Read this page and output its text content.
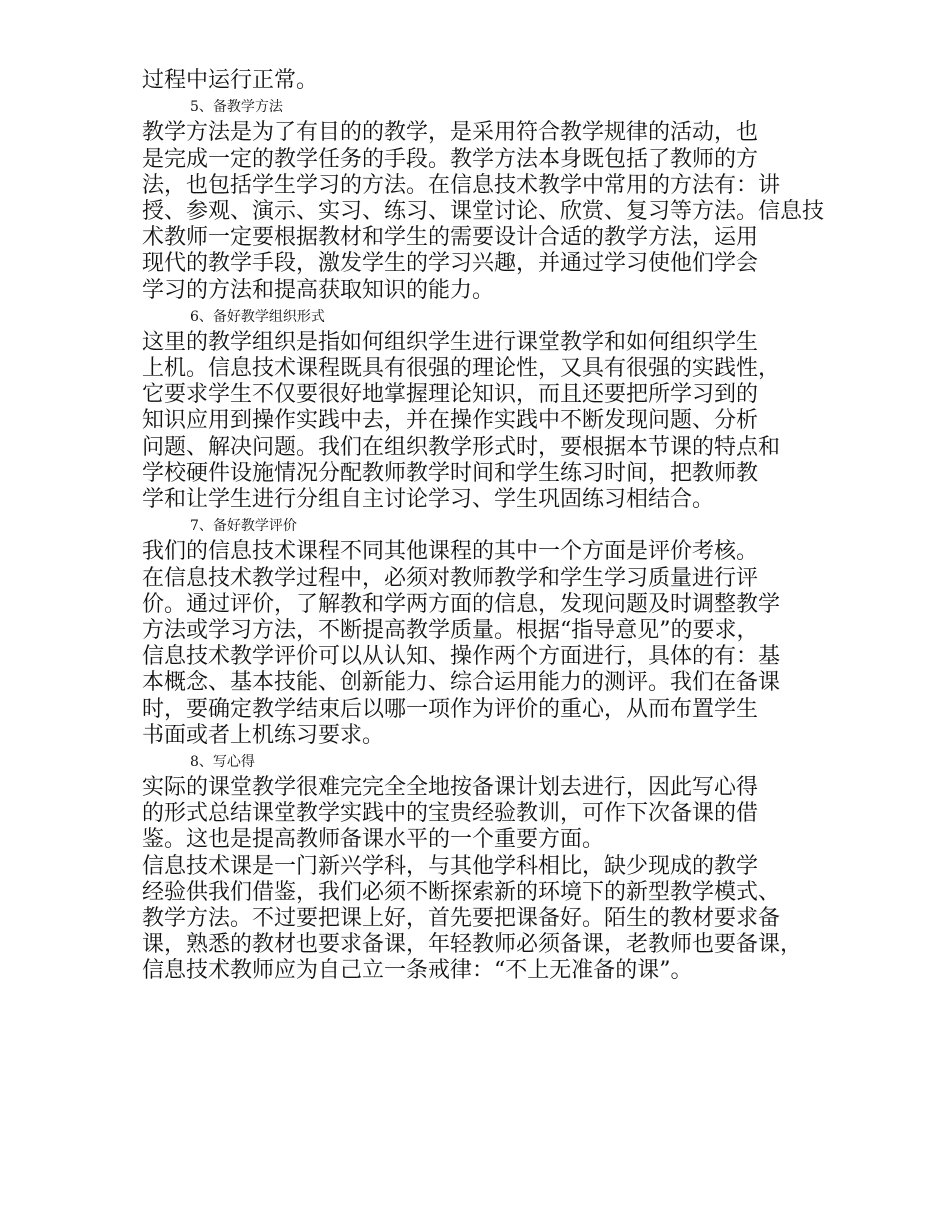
过程中运行正常。
5、备教学方法
教学方法是为了有目的的教学，是采用符合教学规律的活动，也
是完成一定的教学任务的手段。教学方法本身既包括了教师的方
法，也包括学生学习的方法。在信息技术教学中常用的方法有：讲
授、参观、演示、实习、练习、课堂讨论、欣赏、复习等方法。信息技
术教师一定要根据教材和学生的需要设计合适的教学方法，运用
现代的教学手段，激发学生的学习兴趣，并通过学习使他们学会
学习的方法和提高获取知识的能力。
6、备好教学组织形式
这里的教学组织是指如何组织学生进行课堂教学和如何组织学生
上机。信息技术课程既具有很强的理论性，又具有很强的实践性，
它要求学生不仅要很好地掌握理论知识，而且还要把所学习到的
知识应用到操作实践中去，并在操作实践中不断发现问题、分析
问题、解决问题。我们在组织教学形式时，要根据本节课的特点和
学校硬件设施情况分配教师教学时间和学生练习时间，把教师教
学和让学生进行分组自主讨论学习、学生巩固练习相结合。
7、备好教学评价
我们的信息技术课程不同其他课程的其中一个方面是评价考核。
在信息技术教学过程中，必须对教师教学和学生学习质量进行评
价。通过评价，了解教和学两方面的信息，发现问题及时调整教学
方法或学习方法，不断提高教学质量。根据“指导意见”的要求，
信息技术教学评价可以从认知、操作两个方面进行，具体的有：基
本概念、基本技能、创新能力、综合运用能力的测评。我们在备课
时，要确定教学结束后以哪一项作为评价的重心，从而布置学生
书面或者上机练习要求。
8、写心得
实际的课堂教学很难完完全全地按备课计划去进行，因此写心得
的形式总结课堂教学实践中的宝贵经验教训，可作下次备课的借
鉴。这也是提高教师备课水平的一个重要方面。
信息技术课是一门新兴学科，与其他学科相比，缺少现成的教学
经验供我们借鉴，我们必须不断探索新的环境下的新型教学模式、
教学方法。不过要把课上好，首先要把课备好。陌生的教材要求备
课，熟悉的教材也要求备课，年轻教师必须备课，老教师也要备课，
信息技术教师应为自己立一条戒律：“不上无准备的课”。
